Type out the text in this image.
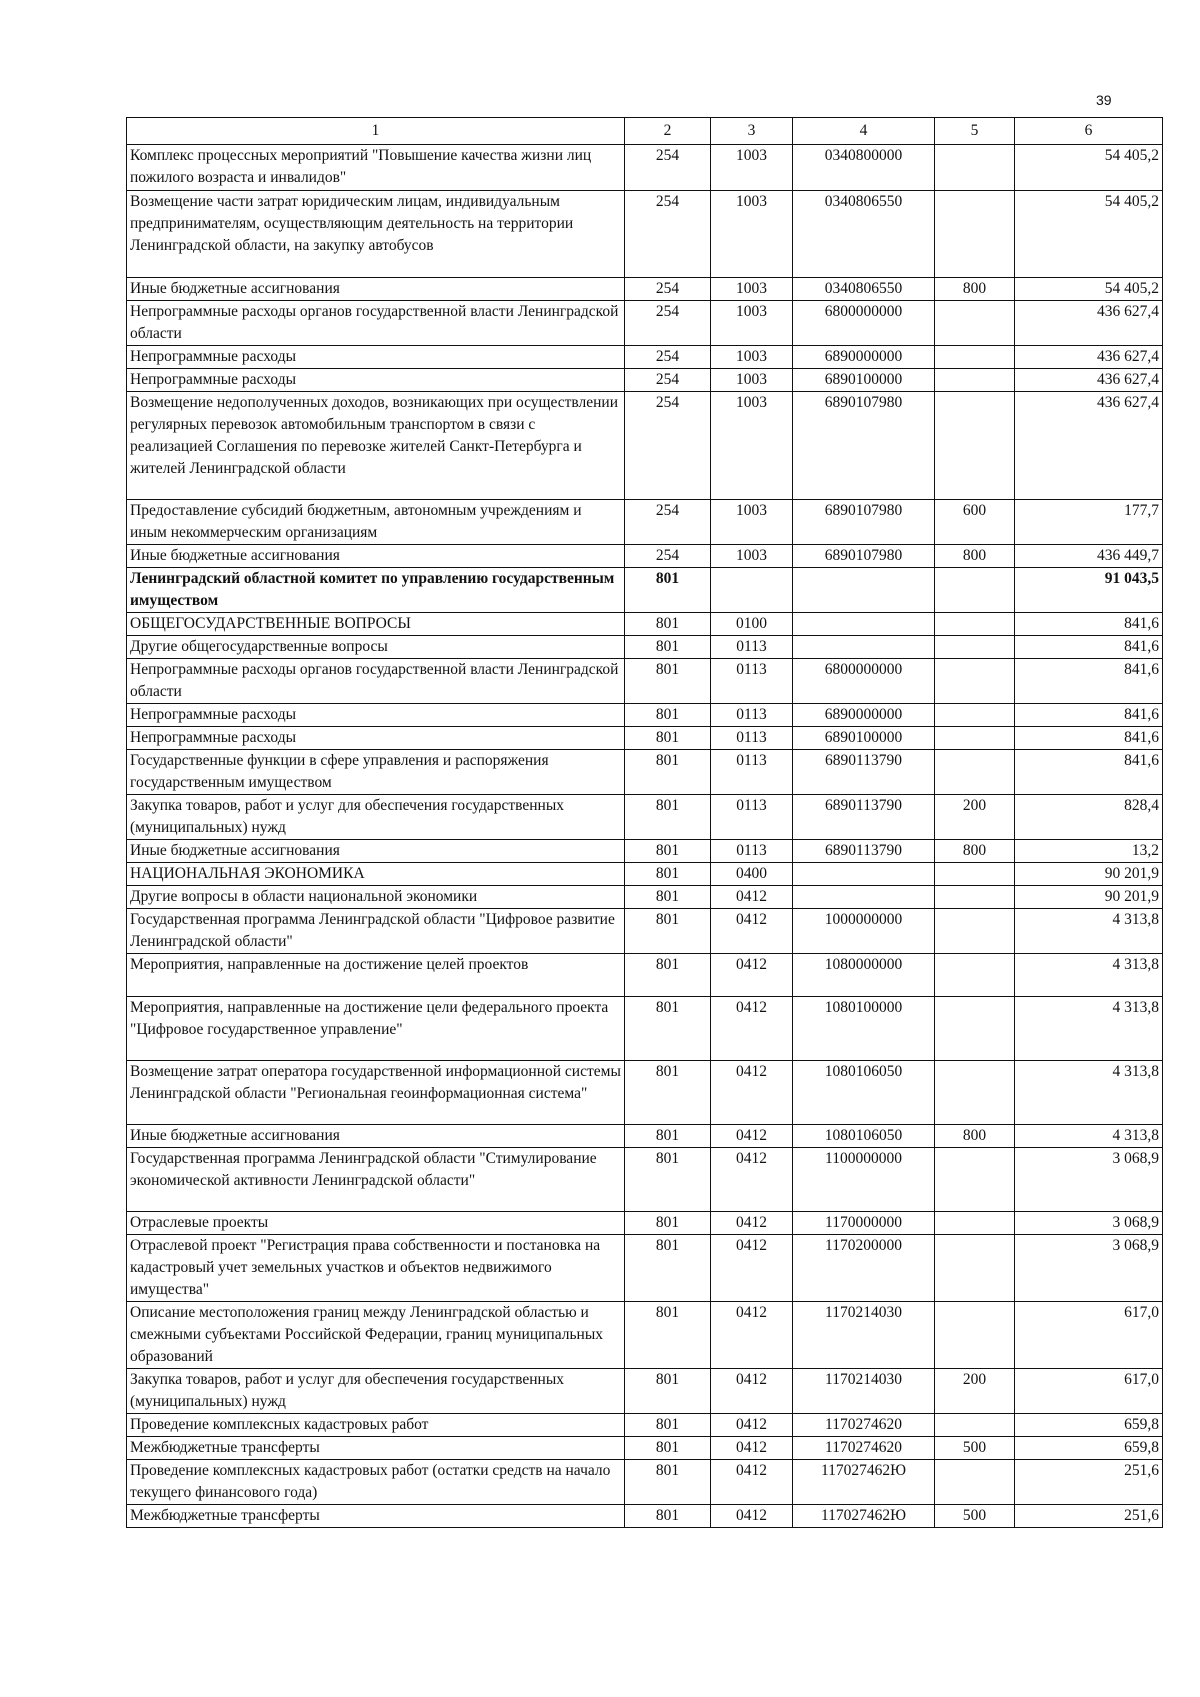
39
1	2	3	4	5	6
Комплекс процессных мероприятий "Повышение качества жизни лиц пожилого возраста и инвалидов"	254	1003	0340800000		54 405,2
Возмещение части затрат юридическим лицам, индивидуальным предпринимателям, осуществляющим деятельность на территории Ленинградской области, на закупку автобусов	254	1003	0340806550		54 405,2
Иные бюджетные ассигнования	254	1003	0340806550	800	54 405,2
Непрограммные расходы органов государственной власти Ленинградской области	254	1003	6800000000		436 627,4
Непрограммные расходы	254	1003	6890000000		436 627,4
Непрограммные расходы	254	1003	6890100000		436 627,4
Возмещение недополученных доходов, возникающих при осуществлении регулярных перевозок автомобильным транспортом в связи с реализацией Соглашения по перевозке жителей Санкт-Петербурга и жителей Ленинградской области	254	1003	6890107980		436 627,4
Предоставление субсидий бюджетным, автономным учреждениям и иным некоммерческим организациям	254	1003	6890107980	600	177,7
Иные бюджетные ассигнования	254	1003	6890107980	800	436 449,7
Ленинградский областной комитет по управлению государственным имуществом	801				91 043,5
ОБЩЕГОСУДАРСТВЕННЫЕ ВОПРОСЫ	801	0100			841,6
Другие общегосударственные вопросы	801	0113			841,6
Непрограммные расходы органов государственной власти Ленинградской области	801	0113	6800000000		841,6
Непрограммные расходы	801	0113	6890000000		841,6
Непрограммные расходы	801	0113	6890100000		841,6
Государственные функции в сфере управления и распоряжения государственным имуществом	801	0113	6890113790		841,6
Закупка товаров, работ и услуг для обеспечения государственных (муниципальных) нужд	801	0113	6890113790	200	828,4
Иные бюджетные ассигнования	801	0113	6890113790	800	13,2
НАЦИОНАЛЬНАЯ ЭКОНОМИКА	801	0400			90 201,9
Другие вопросы в области национальной экономики	801	0412			90 201,9
Государственная программа Ленинградской области "Цифровое развитие Ленинградской области"	801	0412	1000000000		4 313,8
Мероприятия, направленные на достижение целей проектов	801	0412	1080000000		4 313,8
Мероприятия, направленные на достижение цели федерального проекта "Цифровое государственное управление"	801	0412	1080100000		4 313,8
Возмещение затрат оператора государственной информационной системы Ленинградской области "Региональная геоинформационная система"	801	0412	1080106050		4 313,8
Иные бюджетные ассигнования	801	0412	1080106050	800	4 313,8
Государственная программа Ленинградской области "Стимулирование экономической активности Ленинградской области"	801	0412	1100000000		3 068,9
Отраслевые проекты	801	0412	1170000000		3 068,9
Отраслевой проект "Регистрация права собственности и постановка на кадастровый учет земельных участков и объектов недвижимого имущества"	801	0412	1170200000		3 068,9
Описание местоположения границ между Ленинградской областью и смежными субъектами Российской Федерации, границ муниципальных образований	801	0412	1170214030		617,0
Закупка товаров, работ и услуг для обеспечения государственных (муниципальных) нужд	801	0412	1170214030	200	617,0
Проведение комплексных кадастровых работ	801	0412	1170274620		659,8
Межбюджетные трансферты	801	0412	1170274620	500	659,8
Проведение комплексных кадастровых работ (остатки средств на начало текущего финансового года)	801	0412	117027462Ю		251,6
Межбюджетные трансферты	801	0412	117027462Ю	500	251,6
